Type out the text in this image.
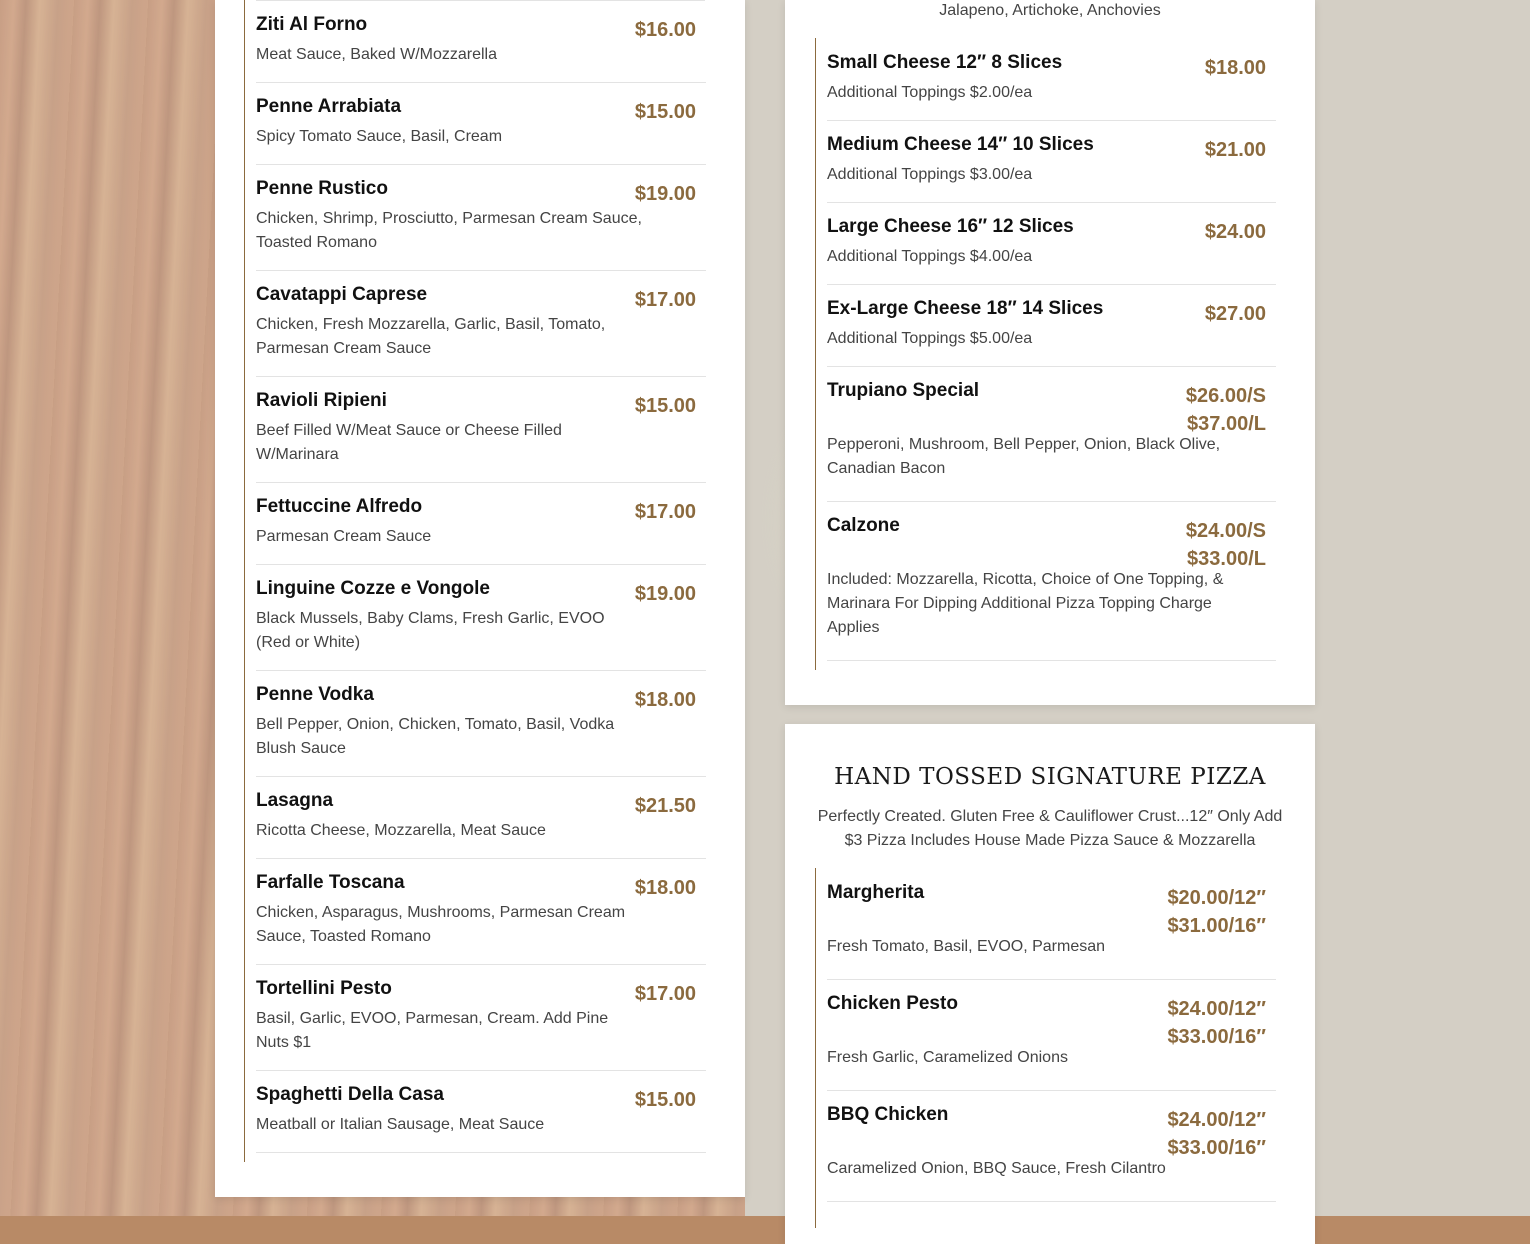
Ziti Al Forno	$16.00
Meat Sauce, Baked W/Mozzarella
Penne Arrabiata	$15.00
Spicy Tomato Sauce, Basil, Cream
Penne Rustico	$19.00
Chicken, Shrimp, Prosciutto, Parmesan Cream Sauce,
Toasted Romano
Cavatappi Caprese	$17.00
Chicken, Fresh Mozzarella, Garlic, Basil, Tomato,
Parmesan Cream Sauce
Ravioli Ripieni	$15.00
Beef Filled W/Meat Sauce or Cheese Filled
W/Marinara
Fettuccine Alfredo	$17.00
Parmesan Cream Sauce
Linguine Cozze e Vongole	$19.00
Black Mussels, Baby Clams, Fresh Garlic, EVOO
(Red or White)
Penne Vodka	$18.00
Bell Pepper, Onion, Chicken, Tomato, Basil, Vodka
Blush Sauce
Lasagna	$21.50
Ricotta Cheese, Mozzarella, Meat Sauce
Farfalle Toscana	$18.00
Chicken, Asparagus, Mushrooms, Parmesan Cream
Sauce, Toasted Romano
Tortellini Pesto	$17.00
Basil, Garlic, EVOO, Parmesan, Cream. Add Pine
Nuts $1
Spaghetti Della Casa	$15.00
Meatball or Italian Sausage, Meat Sauce
Jalapeno, Artichoke, Anchovies
Small Cheese 12′′ 8 Slices	$18.00
Additional Toppings $2.00/ea
Medium Cheese 14″ 10 Slices	$21.00
Additional Toppings $3.00/ea
Large Cheese 16″ 12 Slices	$24.00
Additional Toppings $4.00/ea
Ex-Large Cheese 18″ 14 Slices	$27.00
Additional Toppings $5.00/ea
Trupiano Special	$26.00/S
$37.00/L
Pepperoni, Mushroom, Bell Pepper, Onion, Black Olive,
Canadian Bacon
Calzone	$24.00/S
$33.00/L
Included: Mozzarella, Ricotta, Choice of One Topping, &
Marinara For Dipping Additional Pizza Topping Charge
Applies
HAND TOSSED SIGNATURE PIZZA
Perfectly Created. Gluten Free & Cauliflower Crust...12″ Only Add
$3 Pizza Includes House Made Pizza Sauce & Mozzarella
Margherita	$20.00/12″
$31.00/16″
Fresh Tomato, Basil, EVOO, Parmesan
Chicken Pesto	$24.00/12″
$33.00/16″
Fresh Garlic, Caramelized Onions
BBQ Chicken	$24.00/12″
$33.00/16″
Caramelized Onion, BBQ Sauce, Fresh Cilantro
